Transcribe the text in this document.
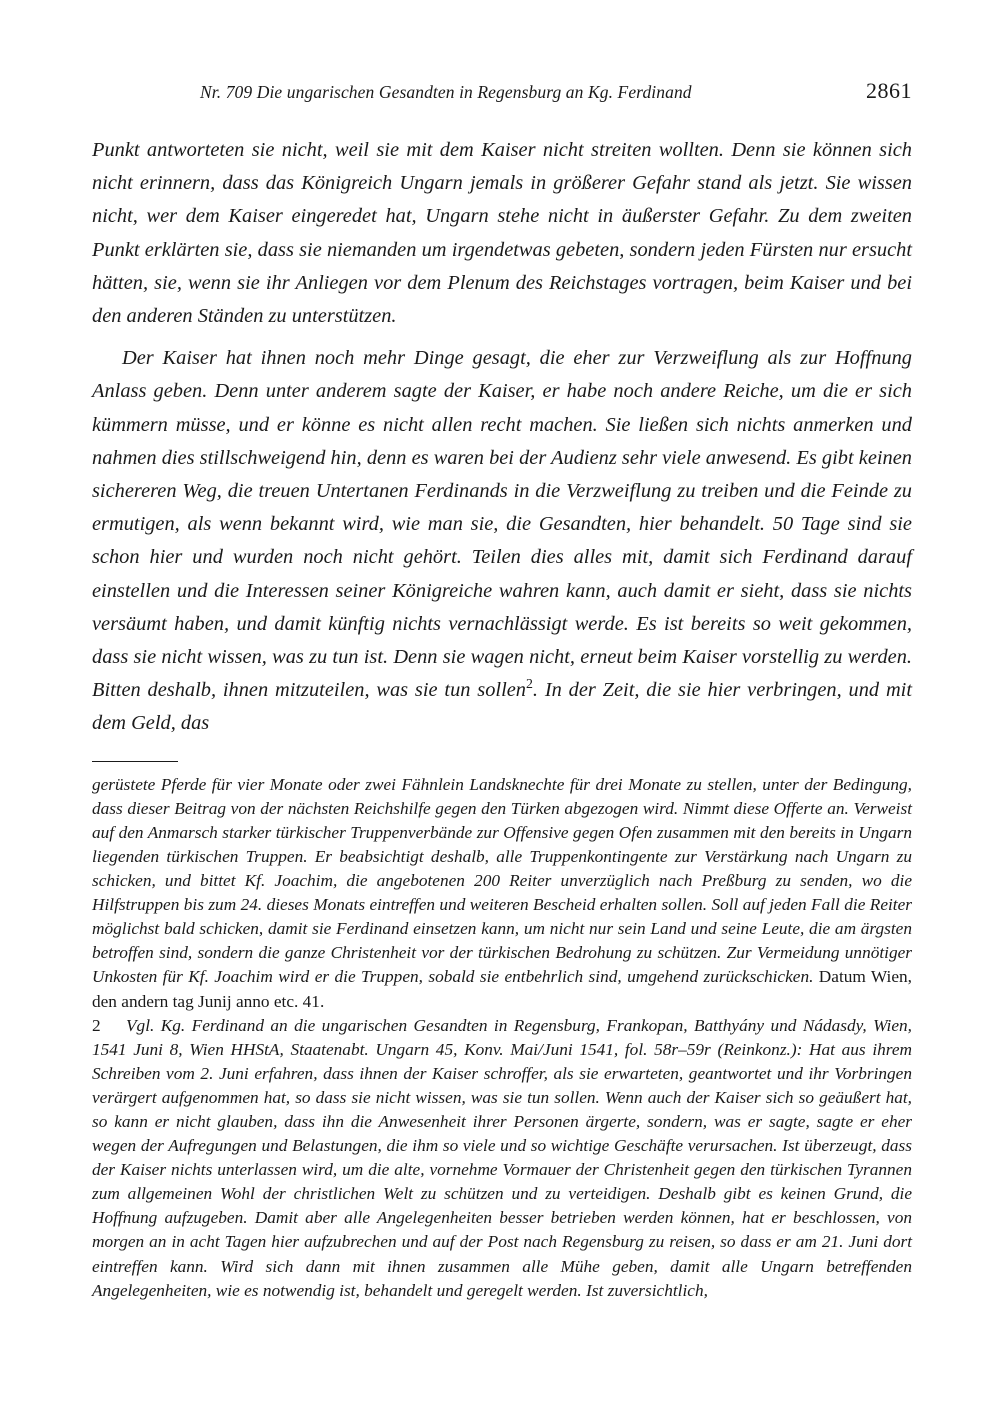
Nr. 709 Die ungarischen Gesandten in Regensburg an Kg. Ferdinand	2861

Punkt antworteten sie nicht, weil sie mit dem Kaiser nicht streiten wollten. Denn sie können sich nicht erinnern, dass das Königreich Ungarn jemals in größerer Gefahr stand als jetzt. Sie wissen nicht, wer dem Kaiser eingeredet hat, Ungarn stehe nicht in äußerster Gefahr. Zu dem zweiten Punkt erklärten sie, dass sie niemanden um irgendetwas gebeten, sondern jeden Fürsten nur ersucht hätten, sie, wenn sie ihr Anliegen vor dem Plenum des Reichstages vortragen, beim Kaiser und bei den anderen Ständen zu unterstützen.

Der Kaiser hat ihnen noch mehr Dinge gesagt, die eher zur Verzweiflung als zur Hoffnung Anlass geben. Denn unter anderem sagte der Kaiser, er habe noch andere Reiche, um die er sich kümmern müsse, und er könne es nicht allen recht machen. Sie ließen sich nichts anmerken und nahmen dies stillschweigend hin, denn es waren bei der Audienz sehr viele anwesend. Es gibt keinen sichereren Weg, die treuen Untertanen Ferdinands in die Verzweiflung zu treiben und die Feinde zu ermutigen, als wenn bekannt wird, wie man sie, die Gesandten, hier behandelt. 50 Tage sind sie schon hier und wurden noch nicht gehört. Teilen dies alles mit, damit sich Ferdinand darauf einstellen und die Interessen seiner Königreiche wahren kann, auch damit er sieht, dass sie nichts versäumt haben, und damit künftig nichts vernachlässigt werde. Es ist bereits so weit gekommen, dass sie nicht wissen, was zu tun ist. Denn sie wagen nicht, erneut beim Kaiser vorstellig zu werden. Bitten deshalb, ihnen mitzuteilen, was sie tun sollen$^2$. In der Zeit, die sie hier verbringen, und mit dem Geld, das

gerüstete Pferde für vier Monate oder zwei Fähnlein Landsknechte für drei Monate zu stellen, unter der Bedingung, dass dieser Beitrag von der nächsten Reichshilfe gegen den Türken abgezogen wird. Nimmt diese Offerte an. Verweist auf den Anmarsch starker türkischer Truppenverbände zur Offensive gegen Ofen zusammen mit den bereits in Ungarn liegenden türkischen Truppen. Er beabsichtigt deshalb, alle Truppenkontingente zur Verstärkung nach Ungarn zu schicken, und bittet Kf. Joachim, die angebotenen 200 Reiter unverzüglich nach Preßburg zu senden, wo die Hilfstruppen bis zum 24. dieses Monats eintreffen und weiteren Bescheid erhalten sollen. Soll auf jeden Fall die Reiter möglichst bald schicken, damit sie Ferdinand einsetzen kann, um nicht nur sein Land und seine Leute, die am ärgsten betroffen sind, sondern die ganze Christenheit vor der türkischen Bedrohung zu schützen. Zur Vermeidung unnötiger Unkosten für Kf. Joachim wird er die Truppen, sobald sie entbehrlich sind, umgehend zurückschicken. Datum Wien, den andern tag Junij anno etc. 41.

2 Vgl. Kg. Ferdinand an die ungarischen Gesandten in Regensburg, Frankopan, Batthyány und Nádasdy, Wien, 1541 Juni 8, Wien HHStA, Staatenabt. Ungarn 45, Konv. Mai/Juni 1541, fol. 58r–59r (Reinkonz.): Hat aus ihrem Schreiben vom 2. Juni erfahren, dass ihnen der Kaiser schroffer, als sie erwarteten, geantwortet und ihr Vorbringen verärgert aufgenommen hat, so dass sie nicht wissen, was sie tun sollen. Wenn auch der Kaiser sich so geäußert hat, so kann er nicht glauben, dass ihn die Anwesenheit ihrer Personen ärgerte, sondern, was er sagte, sagte er eher wegen der Aufregungen und Belastungen, die ihm so viele und so wichtige Geschäfte verursachen. Ist überzeugt, dass der Kaiser nichts unterlassen wird, um die alte, vornehme Vormauer der Christenheit gegen den türkischen Tyrannen zum allgemeinen Wohl der christlichen Welt zu schützen und zu verteidigen. Deshalb gibt es keinen Grund, die Hoffnung aufzugeben. Damit aber alle Angelegenheiten besser betrieben werden können, hat er beschlossen, von morgen an in acht Tagen hier aufzubrechen und auf der Post nach Regensburg zu reisen, so dass er am 21. Juni dort eintreffen kann. Wird sich dann mit ihnen zusammen alle Mühe geben, damit alle Ungarn betreffenden Angelegenheiten, wie es notwendig ist, behandelt und geregelt werden. Ist zuversichtlich,
